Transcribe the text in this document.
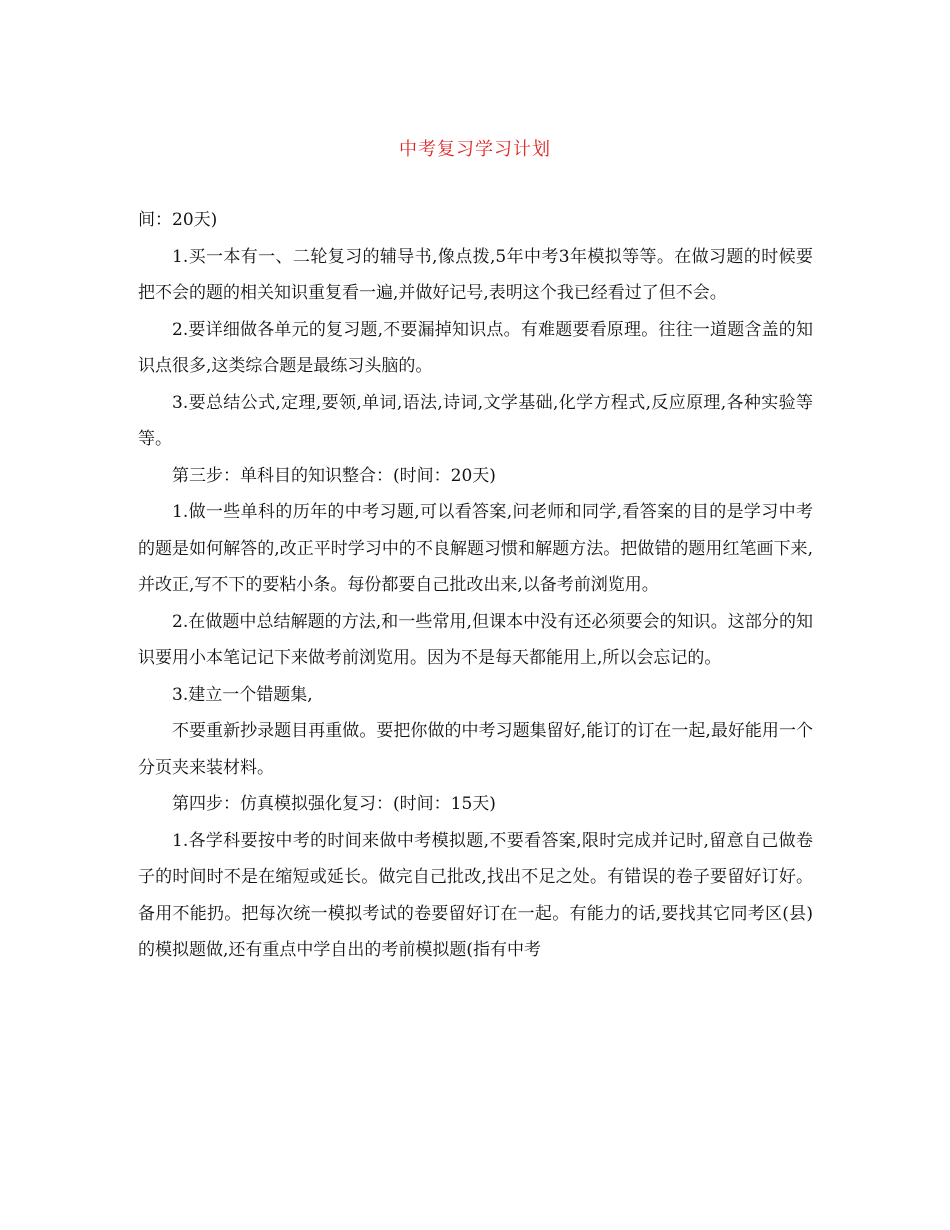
中考复习学习计划

间：20天)

1.买一本有一、二轮复习的辅导书,像点拨,5年中考3年模拟等等。在做习题的时候要把不会的题的相关知识重复看一遍,并做好记号,表明这个我已经看过了但不会。

2.要详细做各单元的复习题,不要漏掉知识点。有难题要看原理。往往一道题含盖的知识点很多,这类综合题是最练习头脑的。

3.要总结公式,定理,要领,单词,语法,诗词,文学基础,化学方程式,反应原理,各种实验等等。

第三步：单科目的知识整合：(时间：20天)

1.做一些单科的历年的中考习题,可以看答案,问老师和同学,看答案的目的是学习中考的题是如何解答的,改正平时学习中的不良解题习惯和解题方法。把做错的题用红笔画下来,并改正,写不下的要粘小条。每份都要自己批改出来,以备考前浏览用。

2.在做题中总结解题的方法,和一些常用,但课本中没有还必须要会的知识。这部分的知识要用小本笔记记下来做考前浏览用。因为不是每天都能用上,所以会忘记的。

3.建立一个错题集,

不要重新抄录题目再重做。要把你做的中考习题集留好,能订的订在一起,最好能用一个分页夹来装材料。

第四步：仿真模拟强化复习：(时间：15天)

1.各学科要按中考的时间来做中考模拟题,不要看答案,限时完成并记时,留意自己做卷子的时间时不是在缩短或延长。做完自己批改,找出不足之处。有错误的卷子要留好订好。备用不能扔。把每次统一模拟考试的卷要留好订在一起。有能力的话,要找其它同考区(县)的模拟题做,还有重点中学自出的考前模拟题(指有中考
